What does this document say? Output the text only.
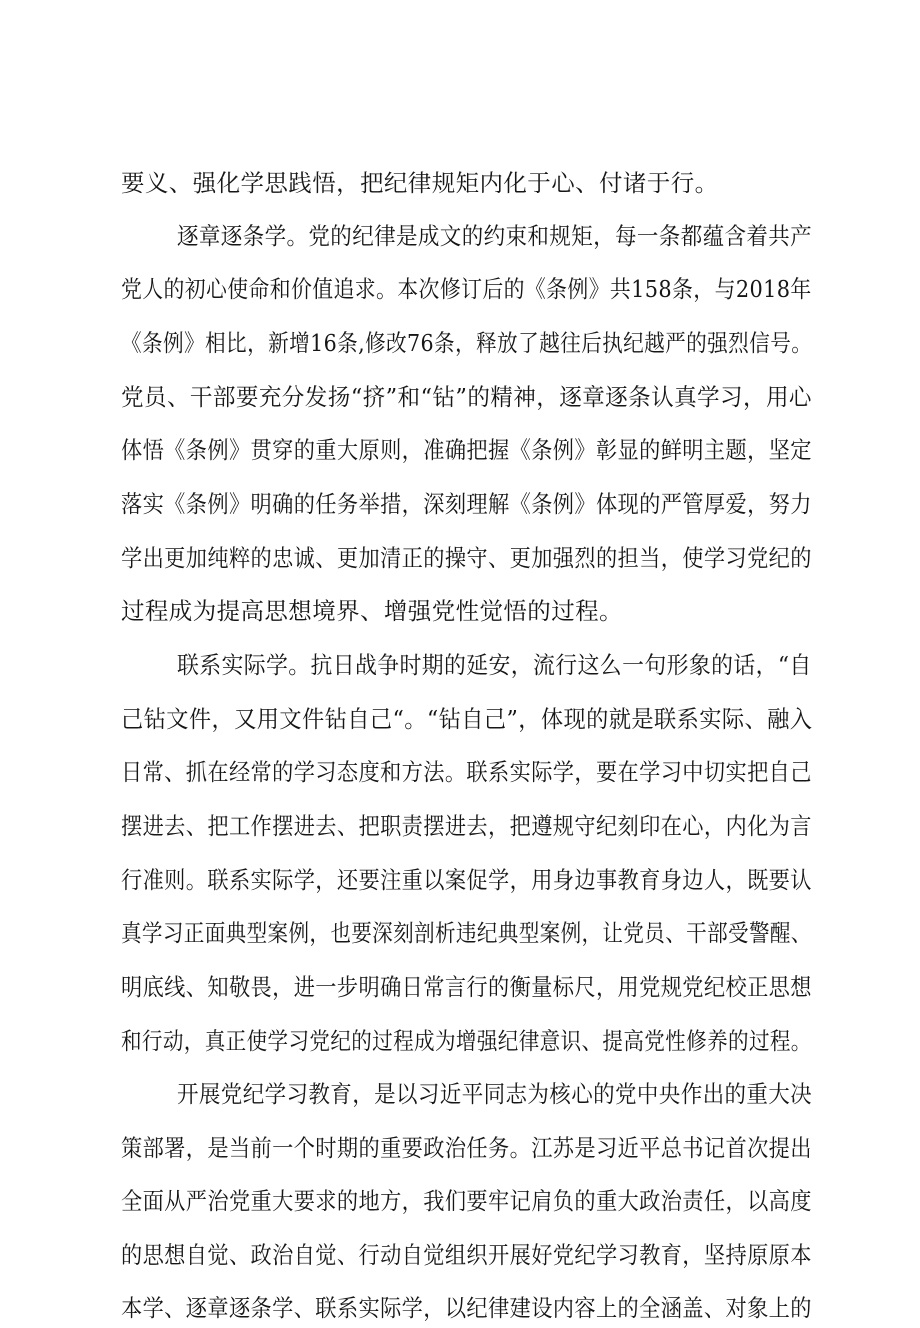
要义、强化学思践悟，把纪律规矩内化于心、付诸于行。
逐章逐条学。党的纪律是成文的约束和规矩，每一条都蕴含着共产
党人的初心使命和价值追求。本次修订后的《条例》共158条，与2018年
《条例》相比，新增16条,修改76条，释放了越往后执纪越严的强烈信号。
党员、干部要充分发扬“挤”和“钻”的精神，逐章逐条认真学习，用心
体悟《条例》贯穿的重大原则，准确把握《条例》彰显的鲜明主题，坚定
落实《条例》明确的任务举措，深刻理解《条例》体现的严管厚爱，努力
学出更加纯粹的忠诚、更加清正的操守、更加强烈的担当，使学习党纪的
过程成为提高思想境界、增强党性觉悟的过程。
联系实际学。抗日战争时期的延安，流行这么一句形象的话，“自
己钻文件，又用文件钻自己“。“钻自己”，体现的就是联系实际、融入
日常、抓在经常的学习态度和方法。联系实际学，要在学习中切实把自己
摆进去、把工作摆进去、把职责摆进去，把遵规守纪刻印在心，内化为言
行准则。联系实际学，还要注重以案促学，用身边事教育身边人，既要认
真学习正面典型案例，也要深刻剖析违纪典型案例，让党员、干部受警醒、
明底线、知敬畏，进一步明确日常言行的衡量标尺，用党规党纪校正思想
和行动，真正使学习党纪的过程成为增强纪律意识、提高党性修养的过程。
开展党纪学习教育，是以习近平同志为核心的党中央作出的重大决
策部署，是当前一个时期的重要政治任务。江苏是习近平总书记首次提出
全面从严治党重大要求的地方，我们要牢记肩负的重大政治责任，以高度
的思想自觉、政治自觉、行动自觉组织开展好党纪学习教育，坚持原原本
本学、逐章逐条学、联系实际学，以纪律建设内容上的全涵盖、对象上的
